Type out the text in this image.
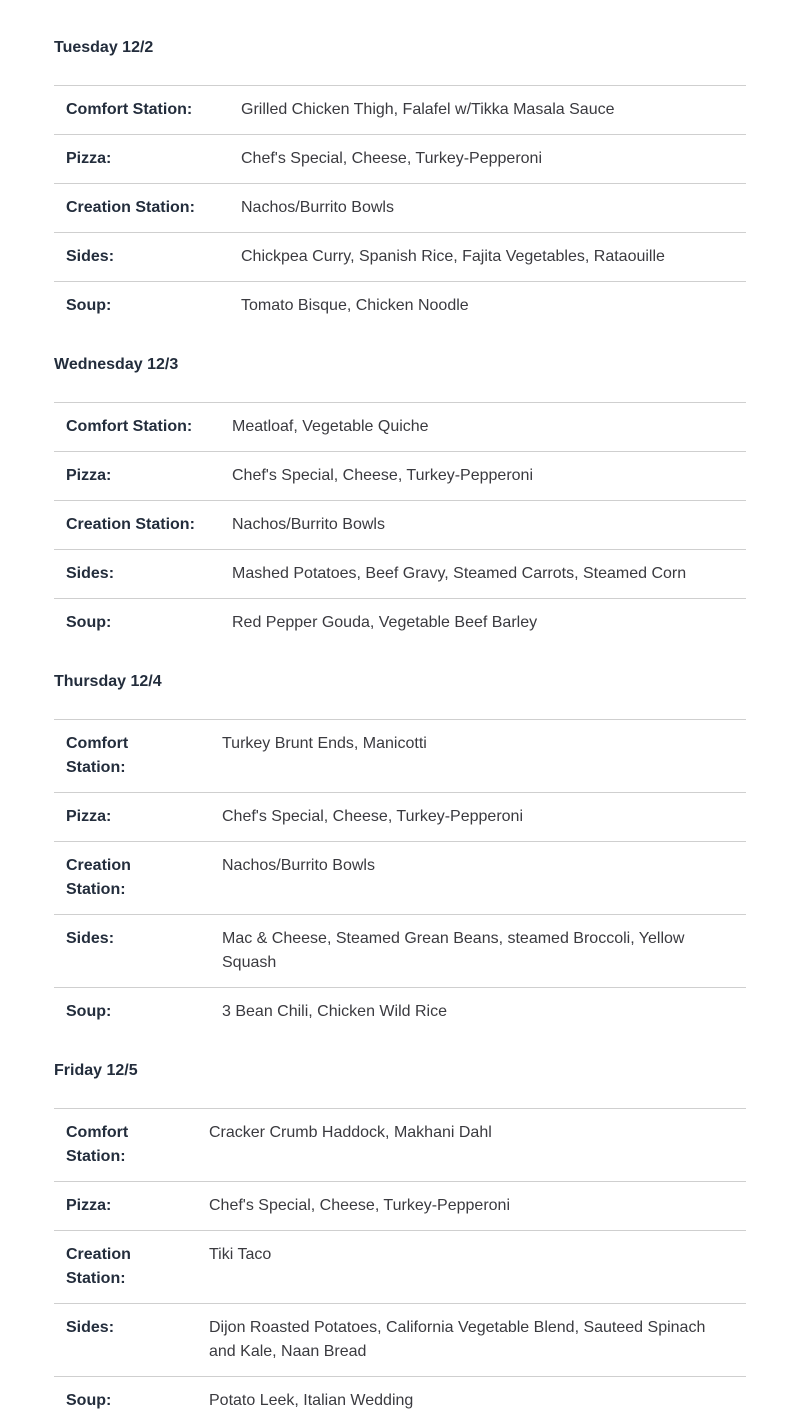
Tuesday 12/2
Comfort Station:	Grilled Chicken Thigh, Falafel w/Tikka Masala Sauce
Pizza:	Chef's Special, Cheese, Turkey-Pepperoni
Creation Station:	Nachos/Burrito Bowls
Sides:	Chickpea Curry, Spanish Rice, Fajita Vegetables, Rataouille
Soup:	Tomato Bisque, Chicken Noodle
Wednesday 12/3
Comfort Station:	Meatloaf, Vegetable Quiche
Pizza:	Chef's Special, Cheese, Turkey-Pepperoni
Creation Station:	Nachos/Burrito Bowls
Sides:	Mashed Potatoes, Beef Gravy, Steamed Carrots, Steamed Corn
Soup:	Red Pepper Gouda, Vegetable Beef Barley
Thursday 12/4
Comfort Station:	Turkey Brunt Ends, Manicotti
Pizza:	Chef's Special, Cheese, Turkey-Pepperoni
Creation Station:	Nachos/Burrito Bowls
Sides:	Mac & Cheese, Steamed Grean Beans, steamed Broccoli, Yellow Squash
Soup:	3 Bean Chili, Chicken Wild Rice
Friday 12/5
Comfort Station:	Cracker Crumb Haddock, Makhani Dahl
Pizza:	Chef's Special, Cheese, Turkey-Pepperoni
Creation Station:	Tiki Taco
Sides:	Dijon Roasted Potatoes, California Vegetable Blend, Sauteed Spinach and Kale, Naan Bread
Soup:	Potato Leek, Italian Wedding
